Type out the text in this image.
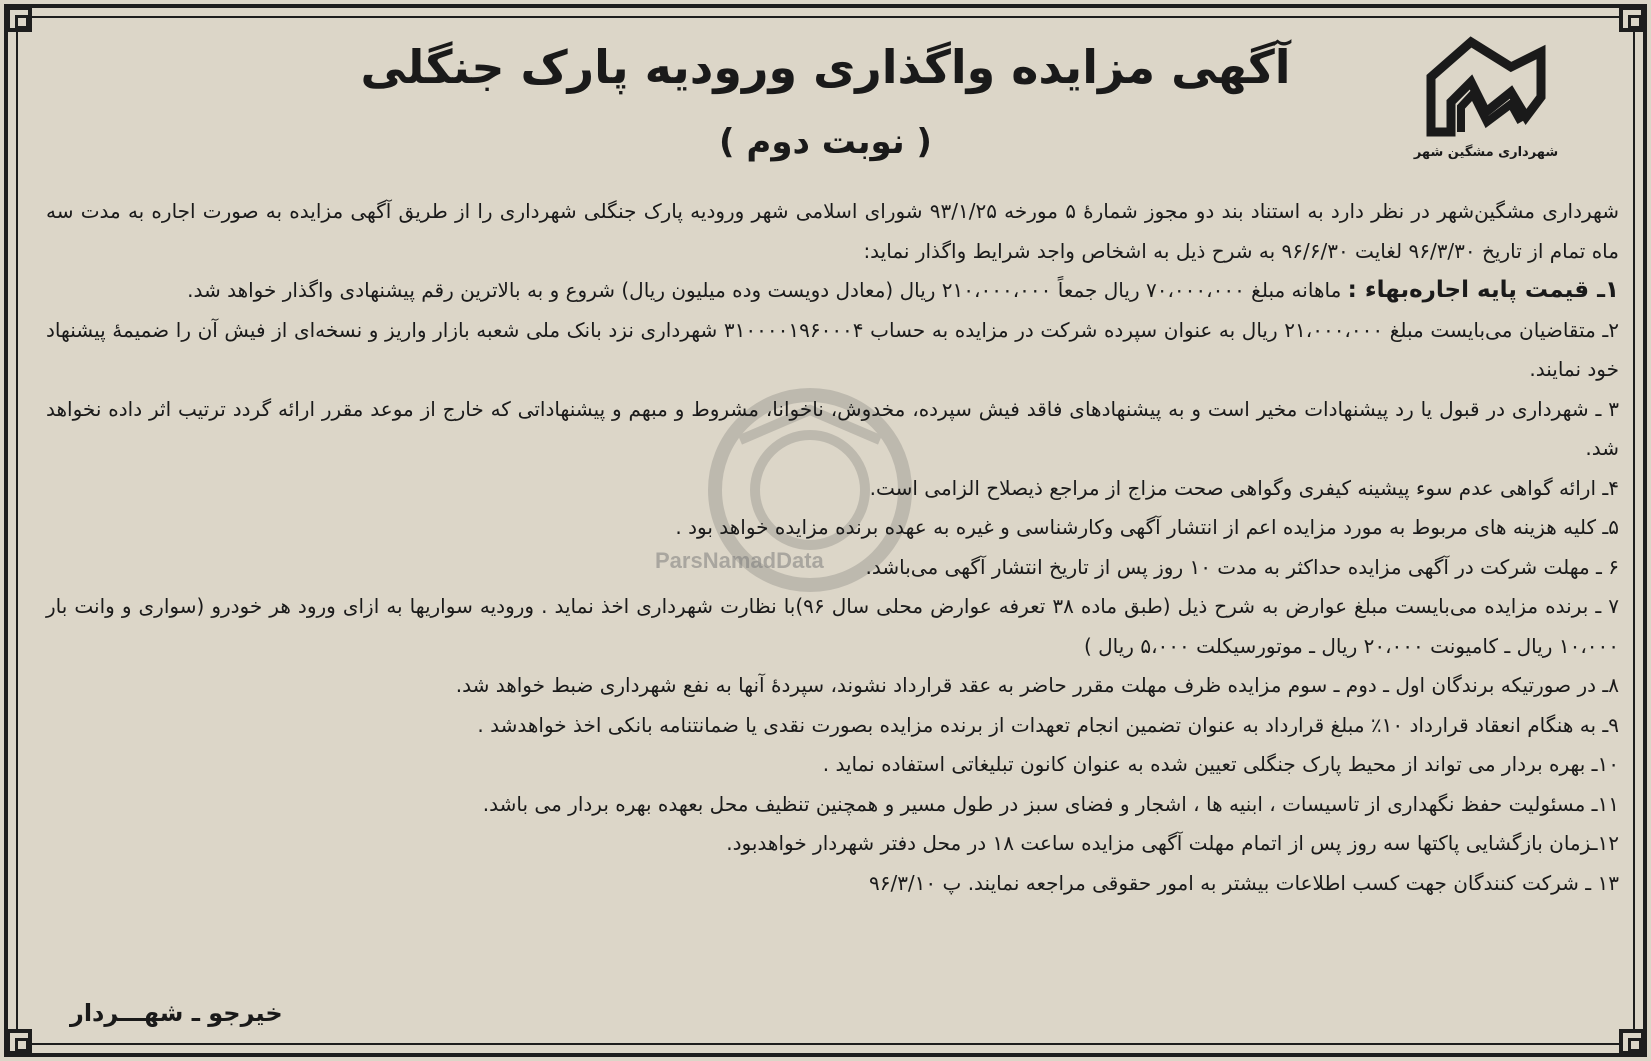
شهرداری مشگین شهر
آگهی مزایده واگذاری ورودیه پارک جنگلی
( نوبت دوم )
ParsNamadData

شهرداری مشگین‌شهر در نظر دارد به استناد بند دو مجوز شمارهٔ ۵ مورخه ۹۳/۱/۲۵ شورای اسلامی شهر ورودیه پارک جنگلی شهرداری را از طریق آگهی مزایده به صورت اجاره به مدت سه ماه تمام از تاریخ ۹۶/۳/۳۰ لغایت ۹۶/۶/۳۰ به شرح ذیل به اشخاص واجد شرایط واگذار نماید:

۱ـ قیمت پایه اجاره‌بهاء : ماهانه مبلغ ۷۰،۰۰۰،۰۰۰ ریال جمعاً ۲۱۰،۰۰۰،۰۰۰ ریال (معادل دویست وده میلیون ریال) شروع و به بالاترین رقم پیشنهادی واگذار خواهد شد.

۲ـ متقاضیان می‌بایست مبلغ ۲۱،۰۰۰،۰۰۰ ریال به عنوان سپرده شرکت در مزایده به حساب ۳۱۰۰۰۰۱۹۶۰۰۰۴ شهرداری نزد بانک ملی شعبه بازار واریز و نسخه‌ای از فیش آن را ضمیمهٔ پیشنهاد خود نمایند.

۳ ـ شهرداری در قبول یا رد پیشنهادات مخیر است و به پیشنهادهای فاقد فیش سپرده، مخدوش، ناخوانا، مشروط و مبهم و پیشنهاداتی که خارج از موعد مقرر ارائه گردد ترتیب اثر داده نخواهد شد.

۴ـ ارائه گواهی عدم سوء پیشینه کیفری وگواهی صحت مزاج از مراجع ذیصلاح الزامی است.

۵ـ کلیه هزینه های مربوط به مورد مزایده اعم از انتشار آگهی وکارشناسی و غیره به عهده برنده مزایده خواهد بود .

۶ ـ مهلت شرکت در آگهی مزایده حداکثر به مدت ۱۰ روز پس از تاریخ انتشار آگهی می‌باشد.

۷ ـ برنده مزایده می‌بایست مبلغ عوارض به شرح ذیل (طبق ماده ۳۸ تعرفه عوارض محلی سال ۹۶)با نظارت شهرداری اخذ نماید . ورودیه سواریها به ازای ورود هر خودرو (سواری و وانت بار ۱۰،۰۰۰ ریال ـ کامیونت ۲۰،۰۰۰ ریال ـ موتورسیکلت ۵،۰۰۰ ریال )

۸ـ در صورتیکه برندگان اول ـ دوم ـ سوم مزایده ظرف مهلت مقرر حاضر به عقد قرارداد نشوند، سپردهٔ آنها به نفع شهرداری ضبط خواهد شد.

۹ـ به هنگام انعقاد قرارداد ۱۰٪ مبلغ قرارداد به عنوان تضمین انجام تعهدات از برنده مزایده بصورت نقدی یا ضمانتنامه بانکی اخذ خواهدشد .

۱۰ـ بهره بردار می تواند از محیط پارک جنگلی تعیین شده به عنوان کانون تبلیغاتی استفاده نماید .

۱۱ـ مسئولیت حفظ نگهداری از تاسیسات ، ابنیه ها ، اشجار و فضای سبز در طول مسیر و همچنین تنظیف محل بعهده بهره بردار می باشد.

۱۲ـزمان بازگشایی پاکتها سه روز پس از اتمام مهلت آگهی مزایده ساعت ۱۸ در محل دفتر شهردار خواهدبود.

۱۳ ـ شرکت کنندگان جهت کسب اطلاعات بیشتر به امور حقوقی مراجعه نمایند. پ ۹۶/۳/۱۰

خیرجو ـ شهـــردار
